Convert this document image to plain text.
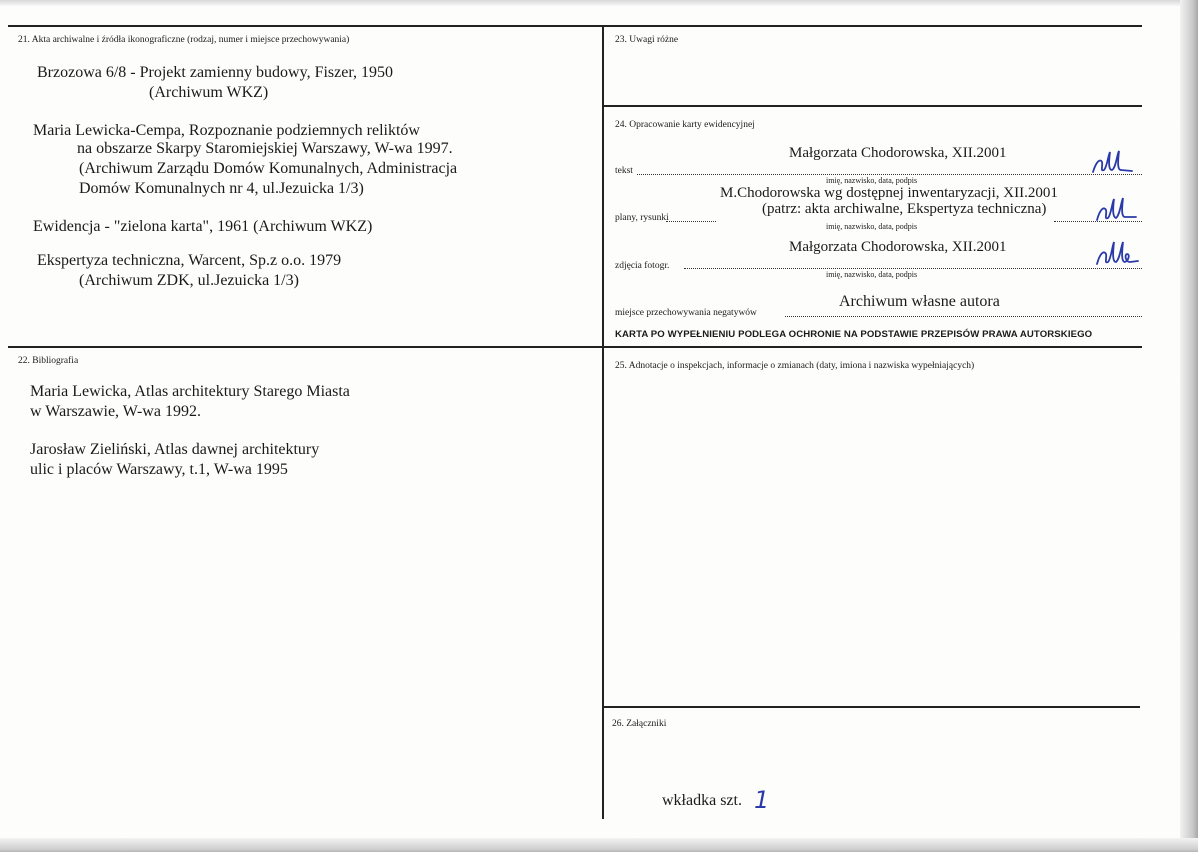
21. Akta archiwalne i źródła ikonograficzne (rodzaj, numer i miejsce przechowywania)
Brzozowa 6/8 - Projekt zamienny budowy, Fiszer, 1950
(Archiwum WKZ)
Maria Lewicka-Cempa, Rozpoznanie podziemnych reliktów
na obszarze Skarpy Staromiejskiej Warszawy, W-wa 1997.
(Archiwum Zarządu Domów Komunalnych, Administracja
Domów Komunalnych nr 4, ul.Jezuicka 1/3)
Ewidencja - "zielona karta", 1961 (Archiwum WKZ)
Ekspertyza techniczna, Warcent, Sp.z o.o. 1979
(Archiwum ZDK, ul.Jezuicka 1/3)
22. Bibliografia
Maria Lewicka, Atlas architektury Starego Miasta
w Warszawie, W-wa 1992.
Jarosław Zieliński, Atlas dawnej architektury
ulic i placów Warszawy, t.1, W-wa 1995
23. Uwagi różne
24. Opracowanie karty ewidencyjnej
Małgorzata Chodorowska, XII.2001
tekst
imię, nazwisko, data, podpis
M.Chodorowska wg dostępnej inwentaryzacji, XII.2001
(patrz: akta archiwalne, Ekspertyza techniczna)
plany, rysunki
imię, nazwisko, data, podpis
Małgorzata Chodorowska, XII.2001
zdjęcia fotogr.
imię, nazwisko, data, podpis
Archiwum własne autora
miejsce przechowywania negatywów
KARTA PO WYPEŁNIENIU PODLEGA OCHRONIE NA PODSTAWIE PRZEPISÓW PRAWA AUTORSKIEGO
25. Adnotacje o inspekcjach, informacje o zmianach (daty, imiona i nazwiska wypełniających)
26. Załączniki
wkładka szt. 1
